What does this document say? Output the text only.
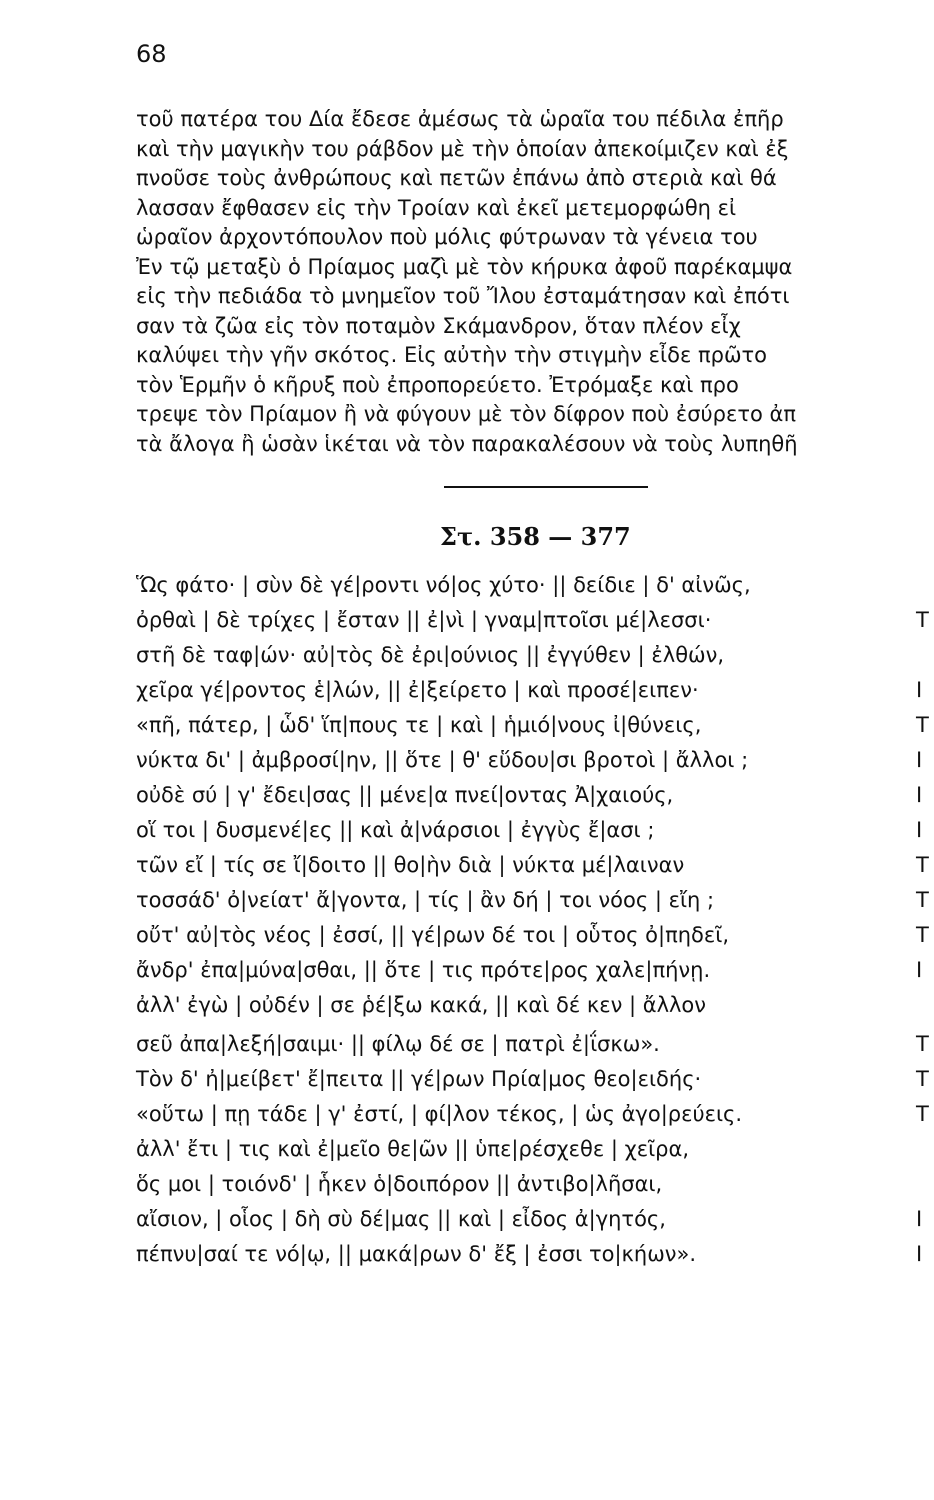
68
τοῦ πατέρα του Δία ἔδεσε ἀμέσως τὰ ὡραῖα του πέδιλα ἐπῆρ
καὶ τὴν μαγικὴν του ράβδον μὲ τὴν ὁποίαν ἀπεκοίμιζεν καὶ ἐξ
πνοῦσε τοὺς ἀνθρώπους καὶ πετῶν ἐπάνω ἀπὸ στεριὰ καὶ θά
λασσαν ἔφθασεν εἰς τὴν Τροίαν καὶ ἐκεῖ μετεμορφώθη εἰ
ὡραῖον ἀρχοντόπουλον ποὺ μόλις φύτρωναν τὰ γένεια του
Ἐν τῷ μεταξὺ ὁ Πρίαμος μαζὶ μὲ τὸν κήρυκα ἀφοῦ παρέκαμψα
εἰς τὴν πεδιάδα τὸ μνημεῖον τοῦ Ἴλου ἐσταμάτησαν καὶ ἐπότι
σαν τὰ ζῶα εἰς τὸν ποταμὸν Σκάμανδρον, ὅταν πλέον εἶχ
καλύψει τὴν γῆν σκότος. Εἰς αὐτὴν τὴν στιγμὴν εἶδε πρῶτο
τὸν Ἑρμῆν ὁ κῆρυξ ποὺ ἐπροπορεύετο. Ἐτρόμαξε καὶ προ
τρεψε τὸν Πρίαμον ἢ νὰ φύγουν μὲ τὸν δίφρον ποὺ ἐσύρετο ἀπ
τὰ ἄλογα ἢ ὡσὰν ἱκέται νὰ τὸν παρακαλέσουν νὰ τοὺς λυπηθῆ
Στ. 358 — 377
Ὥς φάτο· | σὺν δὲ γέ|ροντι νό|ος χύτο· || δείδιε | δ' αἰνῶς,
ὀρθαὶ | δὲ τρίχες | ἔσταν || ἐ|νὶ | γναμ|πτοῖσι μέ|λεσσι·	Τ
στῆ δὲ ταφ|ών· αὐ|τὸς δὲ ἐρι|ούνιος || ἐγγύθεν | ἐλθών,
χεῖρα γέ|ροντος ἑ|λών, || ἐ|ξείρετο | καὶ προσέ|ειπεν·	Ι
«πῆ, πάτερ, | ὧδ' ἵπ|πους τε | καὶ | ἡμιό|νους ἰ|θύνεις,	Τ
νύκτα δι' | ἀμβροσί|ην, || ὅτε | θ' εὕδου|σι βροτοὶ | ἄλλοι ;	Ι
οὐδὲ σύ | γ' ἔδει|σας || μένε|α πνεί|οντας Ἀ|χαιούς,	Ι
οἵ τοι | δυσμενέ|ες || καὶ ἀ|νάρσιοι | ἐγγὺς ἔ|ασι ;	Ι
τῶν εἴ | τίς σε ἴ|δοιτο || θο|ὴν διὰ | νύκτα μέ|λαιναν	Τ
τοσσάδ' ὀ|νείατ' ἄ|γοντα, | τίς | ἂν δή | τοι νόος | εἴη ;	Τ
οὔτ' αὐ|τὸς νέος | ἐσσί, || γέ|ρων δέ τοι | οὗτος ὀ|πηδεῖ,	Τ
ἄνδρ' ἐπα|μύνα|σθαι, || ὅτε | τις πρότε|ρος χαλε|πήνῃ.	Ι
ἀλλ' ἐγὼ | οὐδέν | σε ῥέ|ξω κακά, || καὶ δέ κεν | ἄλλον
σεῦ ἀπα|λεξή|σαιμι· || φίλῳ δέ σε | πατρὶ ἐ|ΐσκω».	Τ
Τὸν δ' ἠ|μείβετ' ἔ|πειτα || γέ|ρων Πρία|μος θεο|ειδής·	Τ
«οὕτω | πῃ τάδε | γ' ἐστί, | φί|λον τέκος, | ὡς ἀγο|ρεύεις.	Τ
ἀλλ' ἔτι | τις καὶ ἐ|μεῖο θε|ῶν || ὑπε|ρέσχεθε | χεῖρα,
ὅς μοι | τοιόνδ' | ἧκεν ὁ|δοιπόρον || ἀντιβο|λῆσαι,
αἴσιον, | οἷος | δὴ σὺ δέ|μας || καὶ | εἶδος ἀ|γητός,	Ι
πέπνυ|σαί τε νό|ῳ, || μακά|ρων δ' ἔξ | ἐσσι το|κήων».	Ι
